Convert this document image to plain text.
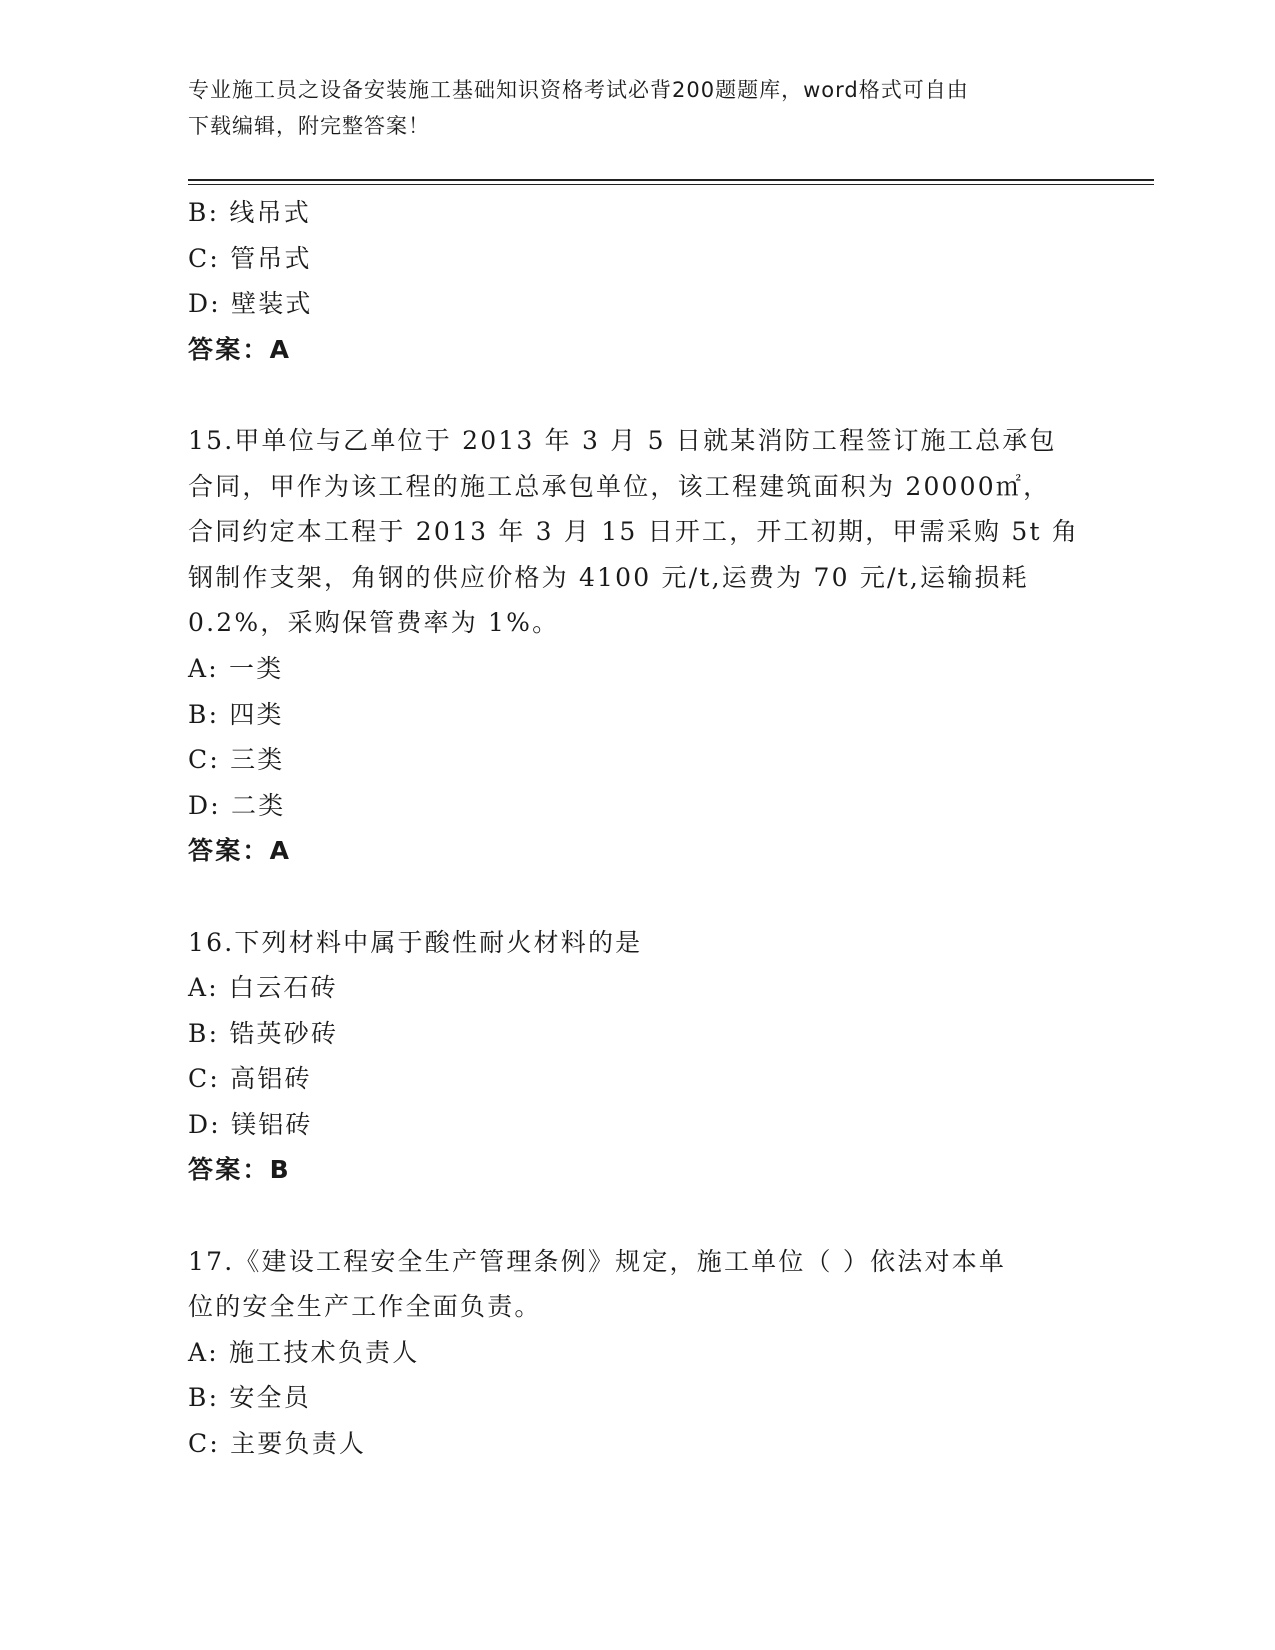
专业施工员之设备安装施工基础知识资格考试必背200题题库，word格式可自由
下载编辑，附完整答案！
B: 线吊式
C: 管吊式
D: 壁装式
答案：A
15.甲单位与乙单位于 2013 年 3 月 5 日就某消防工程签订施工总承包
合同，甲作为该工程的施工总承包单位，该工程建筑面积为 20000㎡，
合同约定本工程于 2013 年 3 月 15 日开工，开工初期，甲需采购 5t 角
钢制作支架，角钢的供应价格为 4100 元/t,运费为 70 元/t,运输损耗
0.2%，采购保管费率为 1%。
A: 一类
B: 四类
C: 三类
D: 二类
答案：A
16.下列材料中属于酸性耐火材料的是
A: 白云石砖
B: 锆英砂砖
C: 高铝砖
D: 镁铝砖
答案：B
17.《建设工程安全生产管理条例》规定，施工单位（ ）依法对本单
位的安全生产工作全面负责。
A: 施工技术负责人
B: 安全员
C: 主要负责人
